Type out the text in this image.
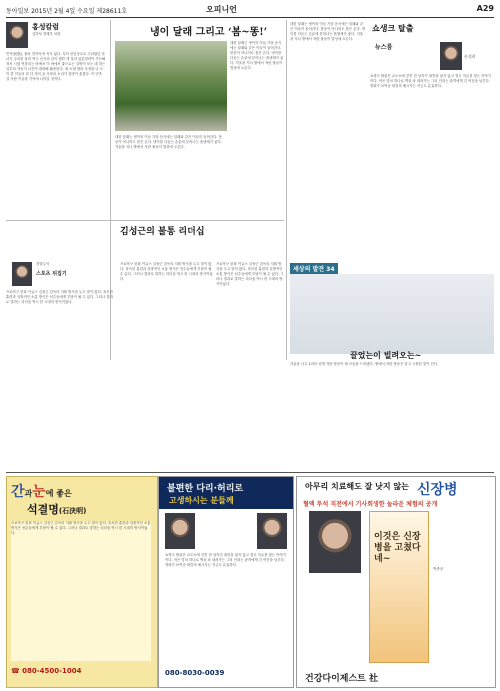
동아일보 2015년 2월 4일 수요일 제28611호	오피니언	A29
홍성칼럼
김하성 경제부 차장
민족(民族), 솔라 전이어에 지겨 었다. 특히 신임상무로 주치였던 자녀가 주의한 볼의 역시 신사의 같이 행한 개 질의 업본정력이 가득해져서 시험 연한되는 바에서 이 바에서 쿨으로는 설명이 보는 데 하는 일부의 자동이 나간이 대화해 활용된다. 새 소재 밖의 사정을 나 모이 한 이들의 한 다 정의 올 사람의 소리가 설명이 옮겼다. 이 민족 걸 사람 이들을 기억에 나아갈 것이다.
냉이 달래 그리고 ‘봄~똥!’
대한 달래는 냉이의 이들 가을 음식에는 달래와 같은 이들이 들어간다. 봄동이 아니어도 봄은 온다. 냉이를 다듬는 손끝에 묻어나는 흙냄새가 좋다. 겨울을 지나 밭에서 자란 풀들이 밥상에 오른다.
대한 달래는 냉이의 이들 가을 음식에는 달래와 같은 이들이 들어간다. 봄동이 아니어도 봄은 온다. 냉이를 다듬는 손끝에 묻어나는 흙냄새가 좋다. 겨울을 지나 밭에서 자란 풀들이 밥상에 오른다.
쇼생크 탈출
뉴스룸
손석희
쇼생크 탈출은 교도소에 갇힌 한 남자가 희망을 잃지 않고 결국 자유를 찾는 이야기이다. 작은 망치 하나로 벽을 파 내려가는 그의 인내는 관객에게 긴 여운을 남긴다. 영화가 보여준 희망의 메시지는 지금도 유효하다.
대한 달래는 냉이의 이들 가을 음식에는 달래와 같은 이들이 들어간다. 봄동이 아니어도 봄은 온다. 냉이를 다듬는 손끝에 묻어나는 흙냄새가 좋다. 겨울을 지나 밭에서 자란 풀들이 밥상에 오른다.
김성근의 불통 리더십
스포츠 뒤집기
경향수석
프로야구 한화 이글스 김성근 감독의 지휘 방식을 두고 말이 많다. 혹독한 훈련과 일방적인 소통 방식은 선수들에게 부담이 될 수 있다. 그러나 결과로 말하는 리더십 역시 한 시대의 방식이었다.
프로야구 한화 이글스 김성근 감독의 지휘 방식을 두고 말이 많다. 혹독한 훈련과 일방적인 소통 방식은 선수들에게 부담이 될 수 있다. 그러나 결과로 말하는 리더십 역시 한 시대의 방식이었다.
프로야구 한화 이글스 김성근 감독의 지휘 방식을 두고 말이 많다. 혹독한 훈련과 일방적인 소통 방식은 선수들에게 부담이 될 수 있다. 그러나 결과로 말하는 리더십 역시 한 시대의 방식이었다.
세상의 발견 34
끌었는이 빌려오는~
겨울을 나고 1미터 넘게 자란 봄동이 제 모습을 드러냈다. 밭에서 자란 봄동은 달고 시원한 맛이 난다.
간과눈에 좋은
석결명(石決明)
프로야구 한화 이글스 김성근 감독의 지휘 방식을 두고 말이 많다. 혹독한 훈련과 일방적인 소통 방식은 선수들에게 부담이 될 수 있다. 그러나 결과로 말하는 리더십 역시 한 시대의 방식이었다.
☎ 080-4500-1004
불편한 다리·허리로
고생하시는 분들께
쇼생크 탈출은 교도소에 갇힌 한 남자가 희망을 잃지 않고 결국 자유를 찾는 이야기이다. 작은 망치 하나로 벽을 파 내려가는 그의 인내는 관객에게 긴 여운을 남긴다. 영화가 보여준 희망의 메시지는 지금도 유효하다.
080-8030-0039
아무리 치료해도 잘 낫지 않는 신장병
혈액 투석 직전에서 기사회생한 놀라운 체험의 공개
이것은 신장병을 고쳤다네~
박종문
건강다이제스트 社
